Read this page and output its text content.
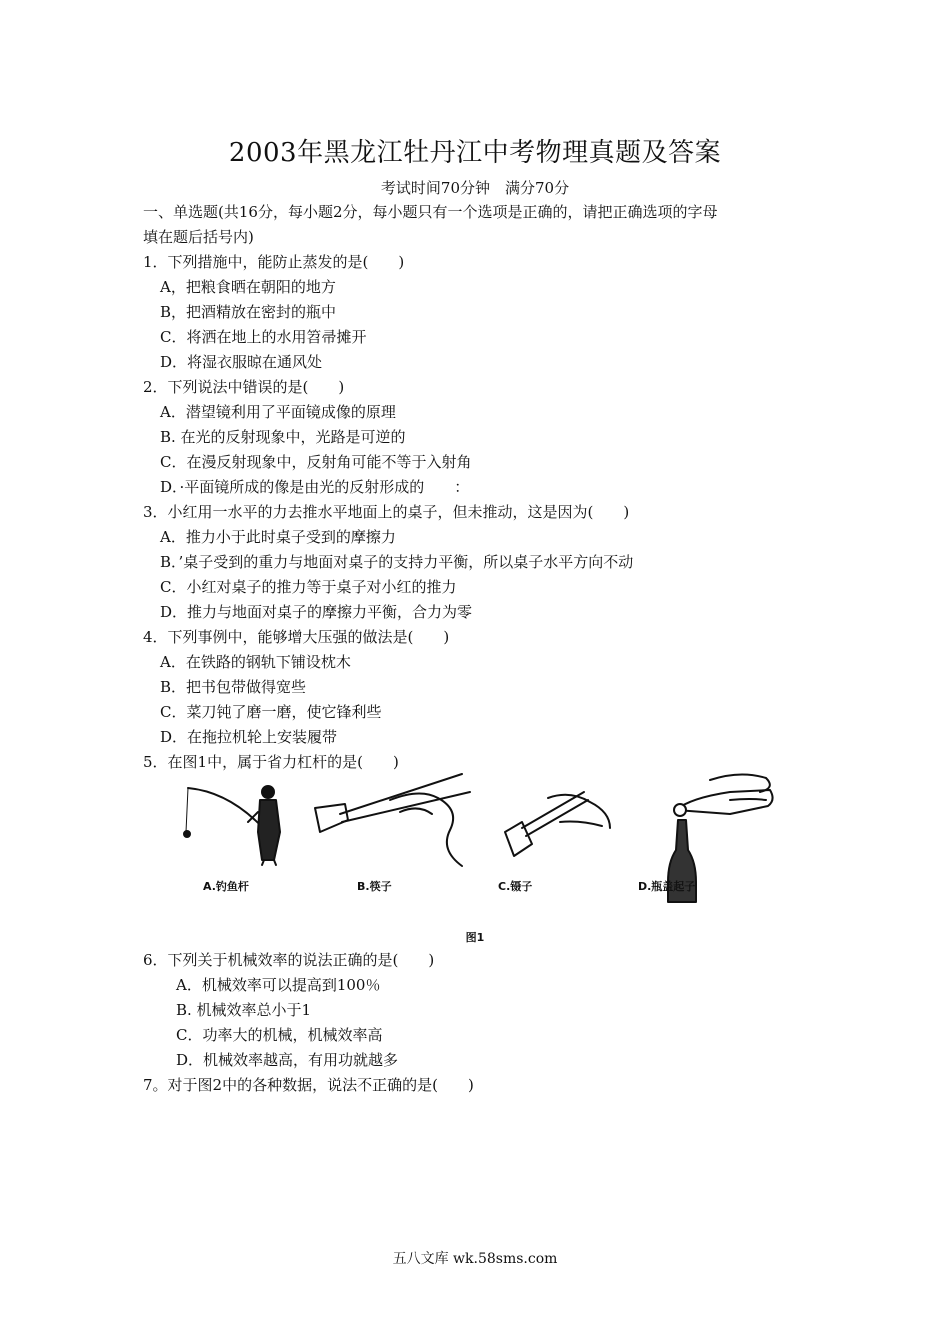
2003年黑龙江牡丹江中考物理真题及答案
考试时间70分钟　满分70分
一、单选题(共16分，每小题2分，每小题只有一个选项是正确的，请把正确选项的字母
填在题后括号内)
1．下列措施中，能防止蒸发的是(　　)
A，把粮食晒在朝阳的地方
B，把酒精放在密封的瓶中
C．将洒在地上的水用笤帚摊开
D．将湿衣服晾在通风处
2．下列说法中错误的是(　　)
A．潜望镜利用了平面镜成像的原理
B. 在光的反射现象中，光路是可逆的
C．在漫反射现象中，反射角可能不等于入射角
D．·平面镜所成的像是由光的反射形成的　　：
3．小红用一水平的力去推水平地面上的桌子，但未推动，这是因为(　　)
A．推力小于此时桌子受到的摩擦力
B．’桌子受到的重力与地面对桌子的支持力平衡，所以桌子水平方向不动
C．小红对桌子的推力等于桌子对小红的推力
D．推力与地面对桌子的摩擦力平衡，合力为零
4．下列事例中，能够增大压强的做法是(　　)
A．在铁路的钢轨下铺设枕木
B．把书包带做得宽些
C．菜刀钝了磨一磨，使它锋利些
D．在拖拉机轮上安装履带
5．在图1中，属于省力杠杆的是(　　)
A.钓鱼杆	B.筷子	C.镊子	D.瓶盖起子
图1
6．下列关于机械效率的说法正确的是(　　)
A．机械效率可以提高到100％
B. 机械效率总小于1
C．功率大的机械，机械效率高
D．机械效率越高，有用功就越多
7。对于图2中的各种数据，说法不正确的是(　　)
五八文库 wk.58sms.com
